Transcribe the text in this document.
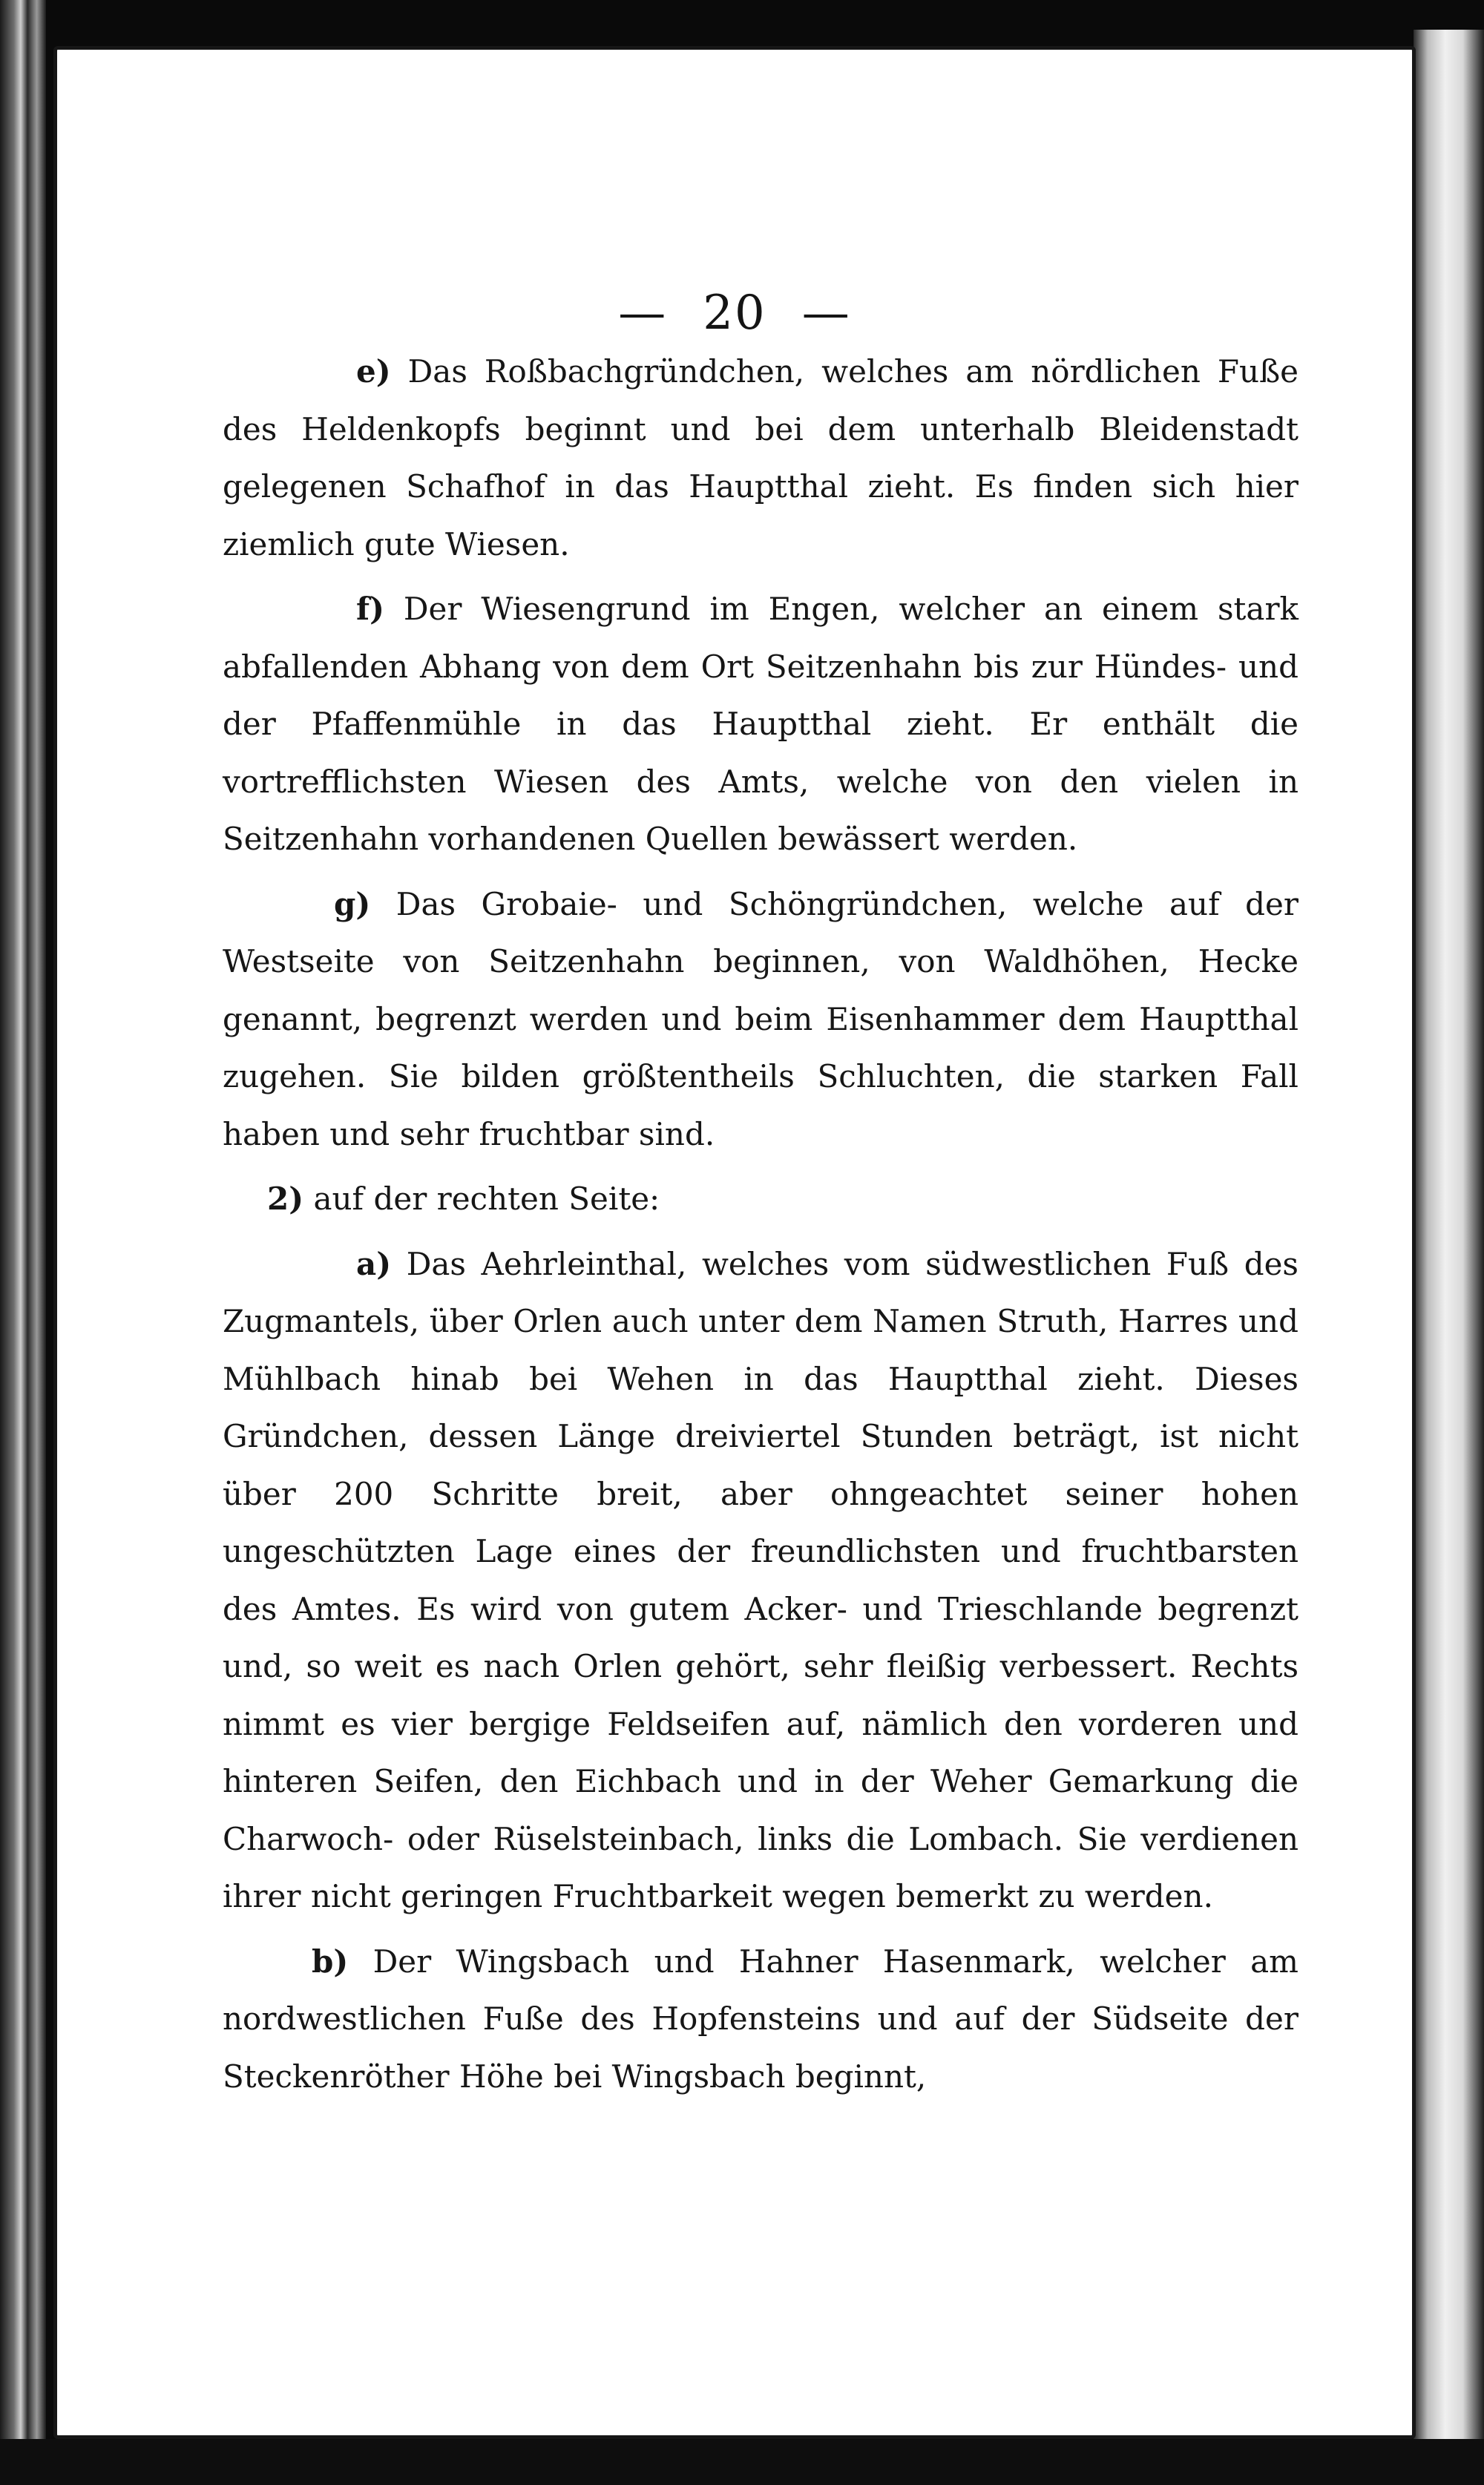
— 20 —

e) Das Roßbachgründchen, welches am nördlichen Fuße des Heldenkopfs beginnt und bei dem unterhalb Bleidenstadt gelegenen Schafhof in das Hauptthal zieht. Es finden sich hier ziemlich gute Wiesen.

f) Der Wiesengrund im Engen, welcher an einem stark abfallenden Abhang von dem Ort Seitzenhahn bis zur Hündes- und der Pfaffenmühle in das Hauptthal zieht. Er enthält die vortrefflichsten Wiesen des Amts, welche von den vielen in Seitzenhahn vorhandenen Quellen bewässert werden.

g) Das Grobaie- und Schöngründchen, welche auf der Westseite von Seitzenhahn beginnen, von Waldhöhen, Hecke genannt, begrenzt werden und beim Eisenhammer dem Hauptthal zugehen. Sie bilden größtentheils Schluchten, die starken Fall haben und sehr fruchtbar sind.

2) auf der rechten Seite:

a) Das Aehrleinthal, welches vom südwestlichen Fuß des Zugmantels, über Orlen auch unter dem Namen Struth, Harres und Mühlbach hinab bei Wehen in das Hauptthal zieht. Dieses Gründchen, dessen Länge dreiviertel Stunden beträgt, ist nicht über 200 Schritte breit, aber ohngeachtet seiner hohen ungeschützten Lage eines der freundlichsten und fruchtbarsten des Amtes. Es wird von gutem Acker- und Trieschlande begrenzt und, so weit es nach Orlen gehört, sehr fleißig verbessert. Rechts nimmt es vier bergige Feldseifen auf, nämlich den vorderen und hinteren Seifen, den Eichbach und in der Weher Gemarkung die Charwoch- oder Rüselsteinbach, links die Lombach. Sie verdienen ihrer nicht geringen Fruchtbarkeit wegen bemerkt zu werden.

b) Der Wingsbach und Hahner Hasenmark, welcher am nordwestlichen Fuße des Hopfensteins und auf der Südseite der Steckenröther Höhe bei Wingsbach beginnt,
